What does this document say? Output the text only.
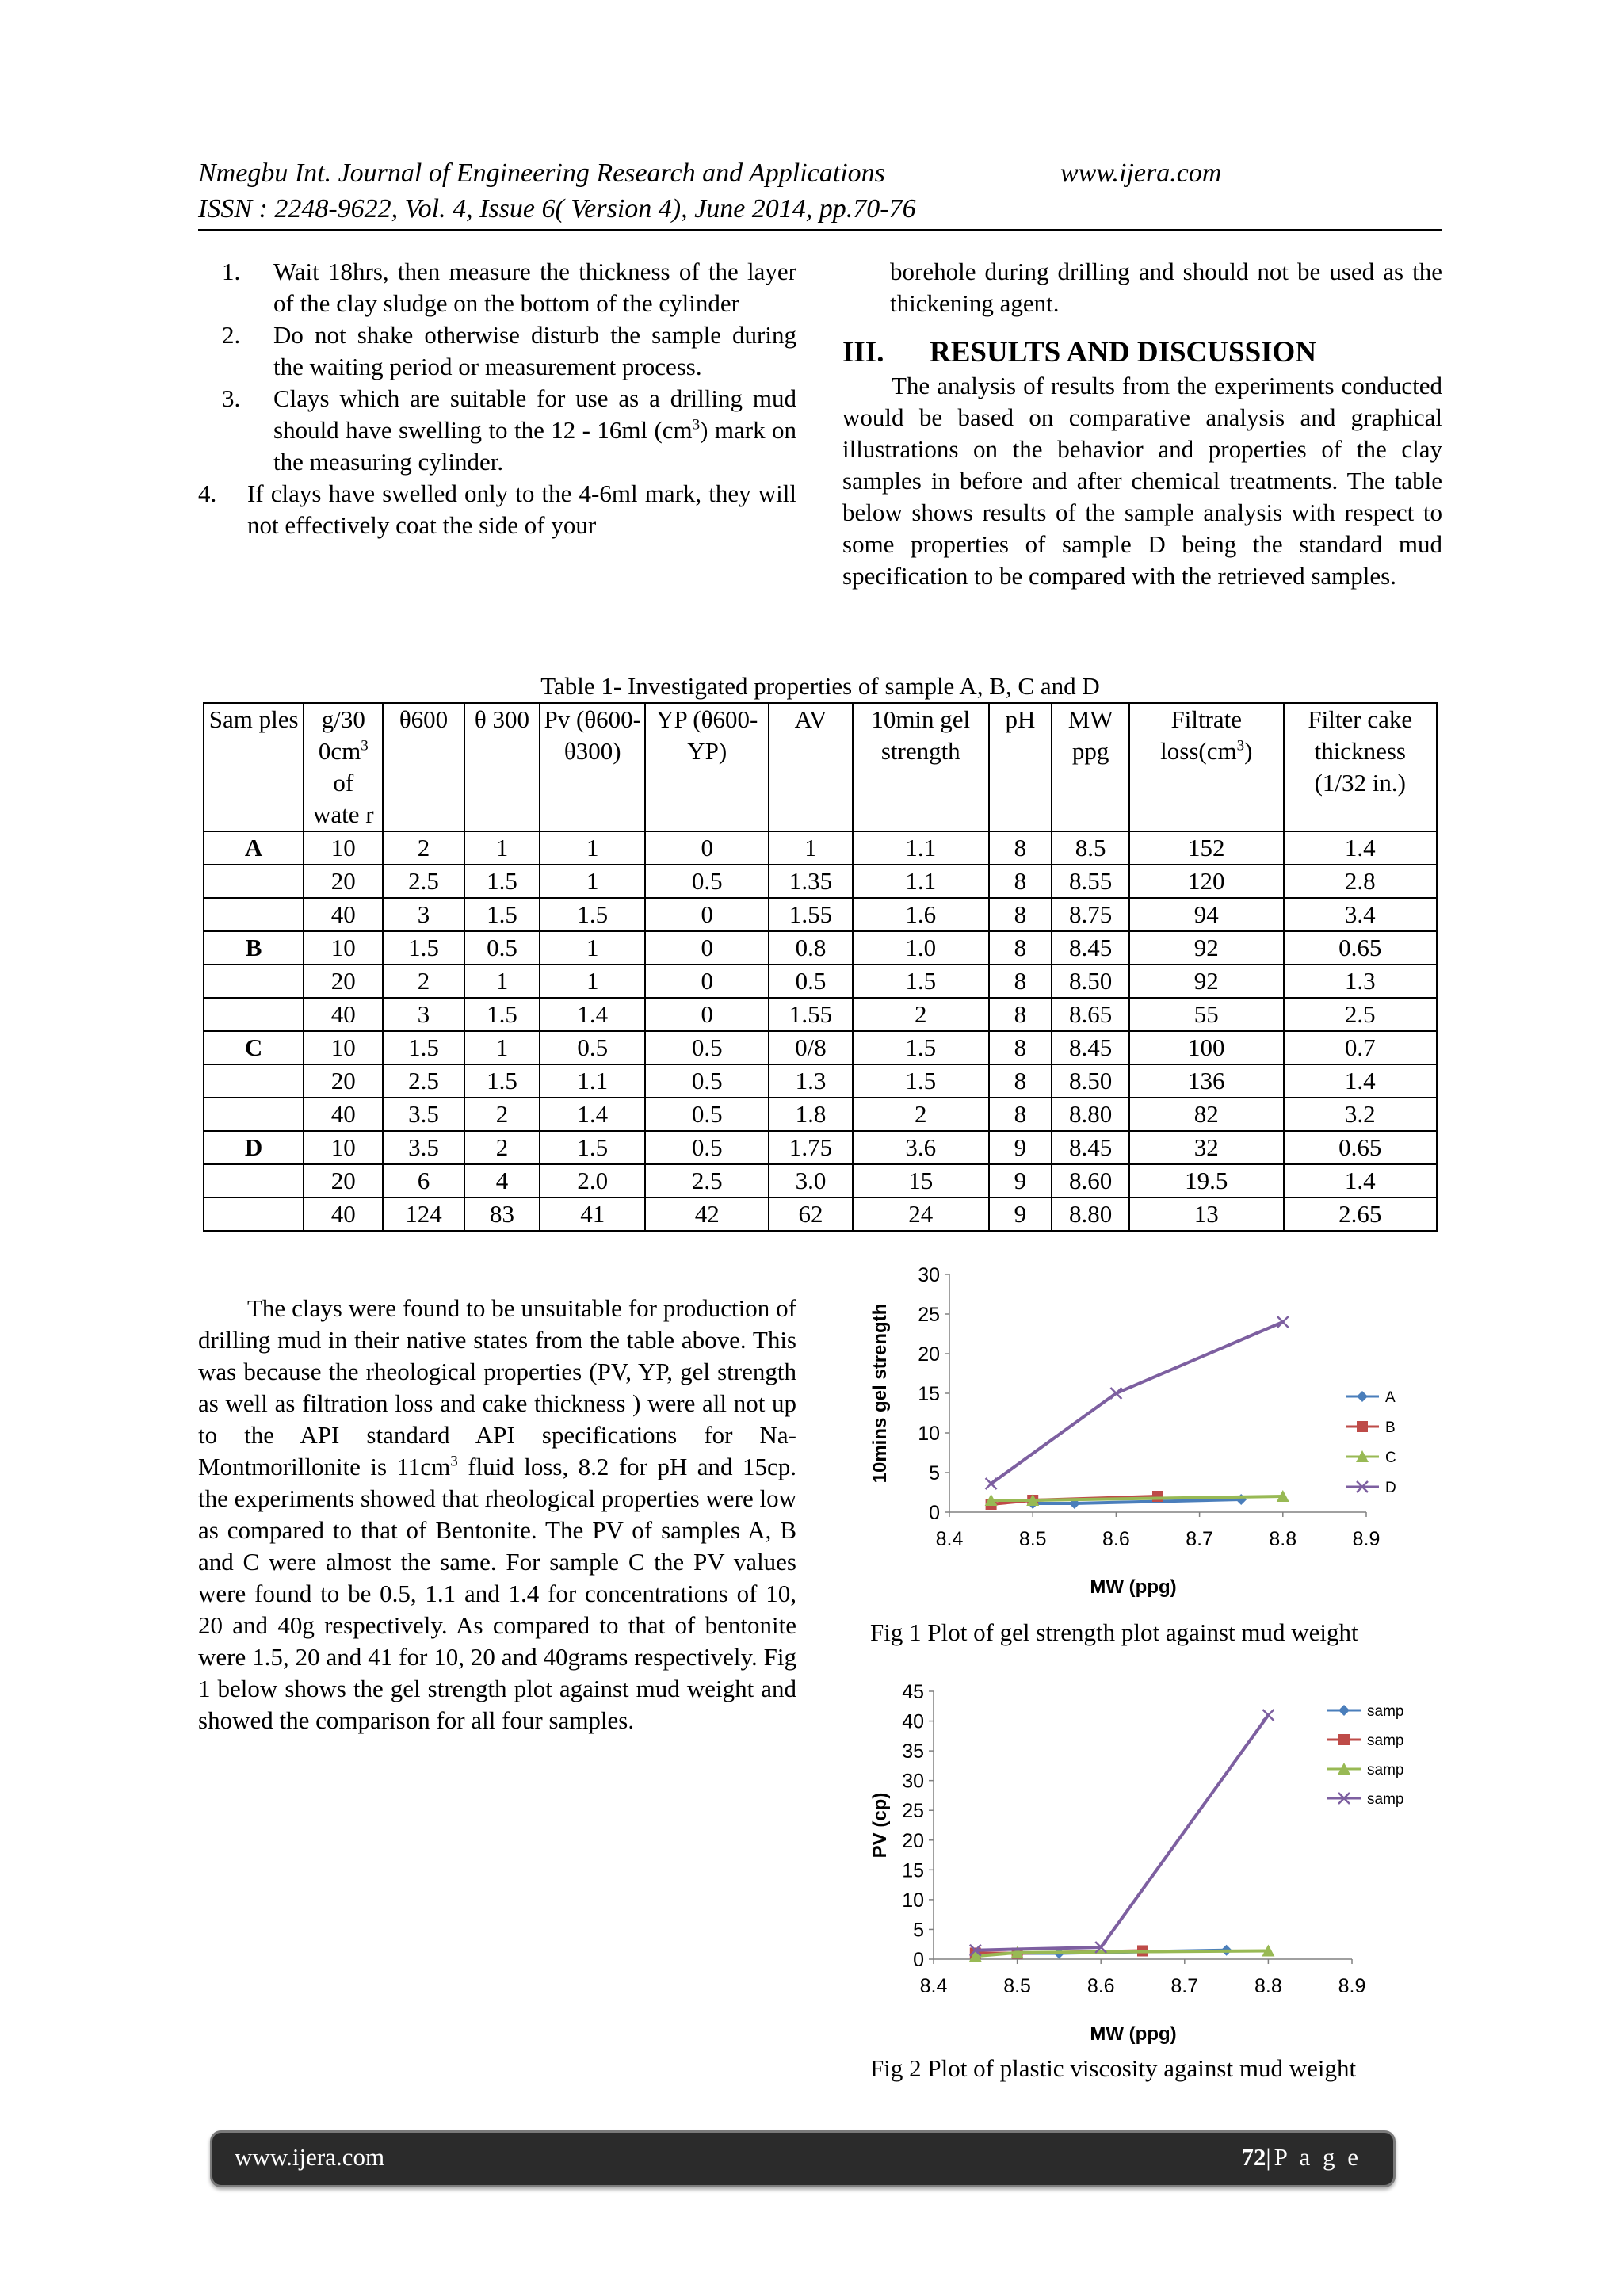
Nmegbu Int. Journal of Engineering Research and Applications	www.ijera.com
ISSN : 2248-9622, Vol. 4, Issue 6( Version 4), June 2014, pp.70-76
1. Wait 18hrs, then measure the thickness of the layer of the clay sludge on the bottom of the cylinder
2. Do not shake otherwise disturb the sample during the waiting period or measurement process.
3. Clays which are suitable for use as a drilling mud should have swelling to the 12 - 16ml $(cm^3)$ mark on the measuring cylinder.
4. If clays have swelled only to the 4-6ml mark, they will not effectively coat the side of your
borehole during drilling and should not be used as the thickening agent.
III. RESULTS AND DISCUSSION
The analysis of results from the experiments conducted would be based on comparative analysis and graphical illustrations on the behavior and properties of the clay samples in before and after chemical treatments. The table below shows results of the sample analysis with respect to some properties of sample D being the standard mud specification to be compared with the retrieved samples.
Table 1- Investigated properties of sample A, B, C and D
Sam ples	g/30 $0cm^3$ of wate r	θ600	θ 300	Pv (θ600-θ300)	YP (θ600-YP)	AV	10min gel strength	pH	MW ppg	Filtrate $loss(cm^3)$	Filter cake thickness (1/32 in.)
A	10	2	1	1	0	1	1.1	8	8.5	152	1.4
	20	2.5	1.5	1	0.5	1.35	1.1	8	8.55	120	2.8
	40	3	1.5	1.5	0	1.55	1.6	8	8.75	94	3.4
B	10	1.5	0.5	1	0	0.8	1.0	8	8.45	92	0.65
	20	2	1	1	0	0.5	1.5	8	8.50	92	1.3
	40	3	1.5	1.4	0	1.55	2	8	8.65	55	2.5
C	10	1.5	1	0.5	0.5	0/8	1.5	8	8.45	100	0.7
	20	2.5	1.5	1.1	0.5	1.3	1.5	8	8.50	136	1.4
	40	3.5	2	1.4	0.5	1.8	2	8	8.80	82	3.2
D	10	3.5	2	1.5	0.5	1.75	3.6	9	8.45	32	0.65
	20	6	4	2.0	2.5	3.0	15	9	8.60	19.5	1.4
	40	124	83	41	42	62	24	9	8.80	13	2.65
The clays were found to be unsuitable for production of drilling mud in their native states from the table above. This was because the rheological properties (PV, YP, gel strength as well as filtration loss and cake thickness ) were all not up to the API standard API specifications for Na-Montmorillonite is $11cm^3$ fluid loss, 8.2 for pH and 15cp. the experiments showed that rheological properties were low as compared to that of Bentonite. The PV of samples A, B and C were almost the same. For sample C the PV values were found to be 0.5, 1.1 and 1.4 for concentrations of 10, 20 and 40g respectively. As compared to that of bentonite were 1.5, 20 and 41 for 10, 20 and 40grams respectively. Fig 1 below shows the gel strength plot against mud weight and showed the comparison for all four samples.
0
5
10
15
20
25
30
8.4	8.5	8.6	8.7	8.8	8.9
MW (ppg)
10mins gel strength	A
B
C
D
Fig 1 Plot of gel strength plot against mud weight
0
5
10
15
20
25
30
35
40
45
8.4	8.5	8.6	8.7	8.8	8.9
MW (ppg)
PV (cp)
samp
samp
samp
samp
Fig 2 Plot of plastic viscosity against mud weight
www.ijera.com	72|P a g e
